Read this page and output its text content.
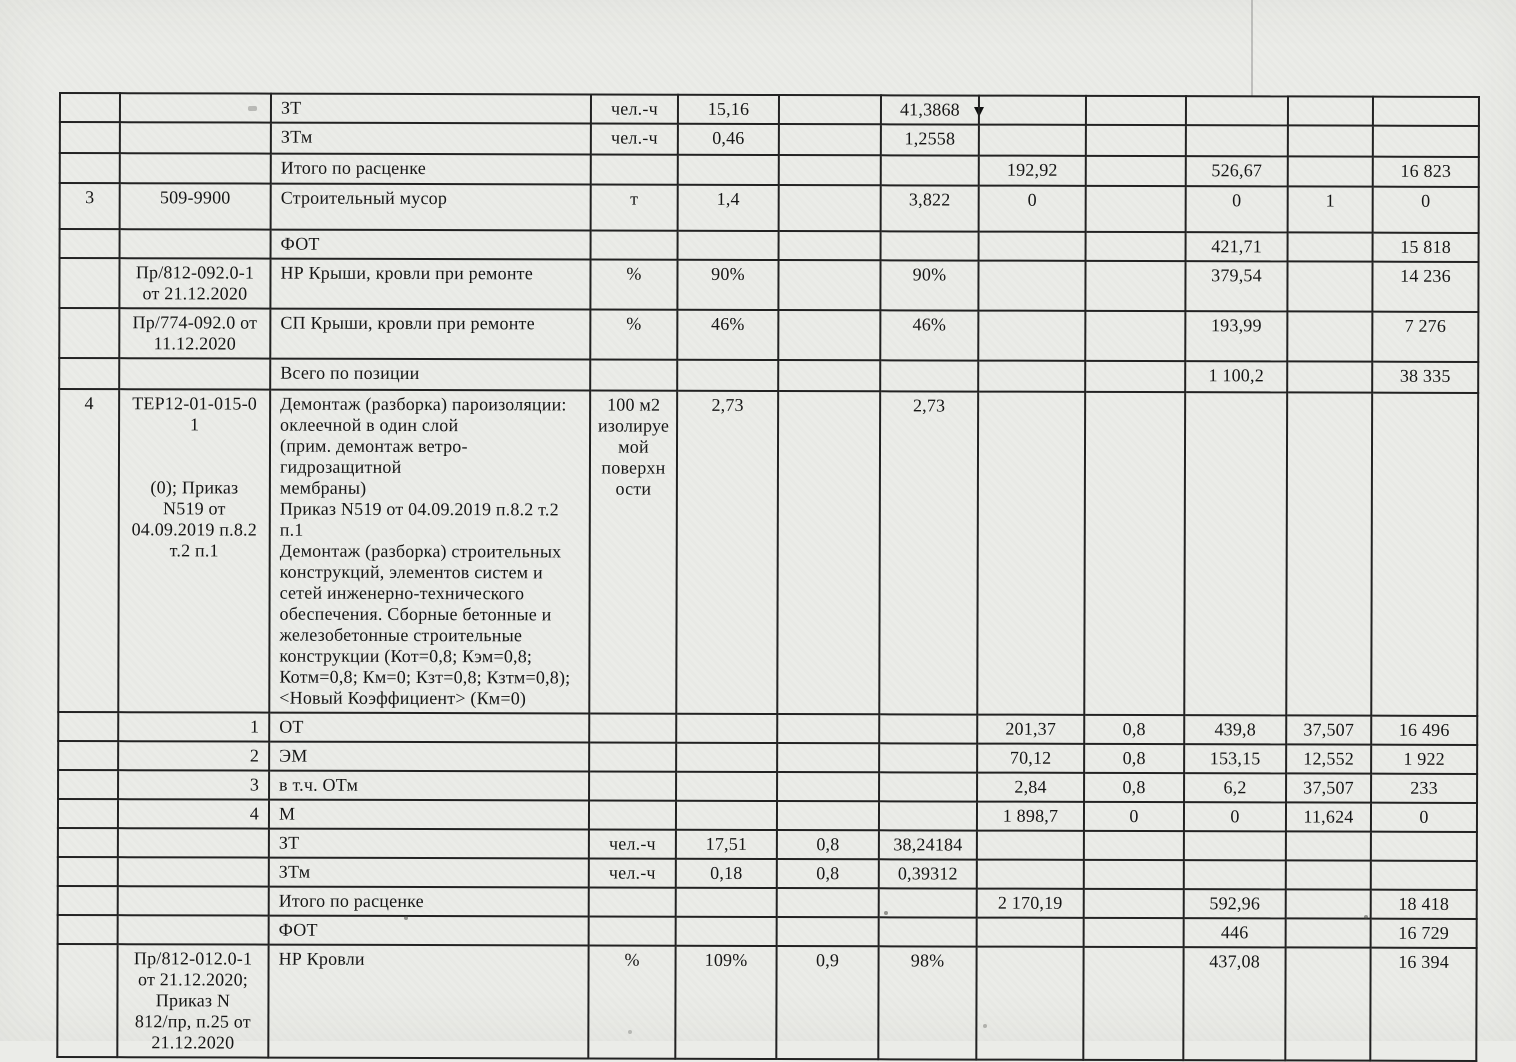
		ЗТ	чел.-ч	15,16		41,3868					
		ЗТм	чел.-ч	0,46		1,2558					
		Итого по расценке					192,92		526,67		16 823
3	509-9900	Строительный мусор	т	1,4		3,822	0		0	1	0
		ФОТ							421,71		15 818
	Пр/812-092.0-1
от 21.12.2020	НР Крыши, кровли при ремонте	%	90%		90%			379,54		14 236
	Пр/774-092.0 от
11.12.2020	СП Крыши, кровли при ремонте	%	46%		46%			193,99		7 276
		Всего по позиции							1 100,2		38 335
4	ТЕР12-01-015-0
1

(0); Приказ
N519 от
04.09.2019 п.8.2
т.2 п.1	Демонтаж (разборка) пароизоляции:
оклеечной в один слой
(прим. демонтаж ветро-гидрозащитной
мембраны)
Приказ N519 от 04.09.2019 п.8.2 т.2 п.1
Демонтаж (разборка) строительных
конструкций, элементов систем и
сетей инженерно-технического
обеспечения. Сборные бетонные и
железобетонные строительные
конструкции (Кот=0,8; Кэм=0,8;
Котм=0,8; Км=0; Кзт=0,8; Кзтм=0,8);
<Новый Коэффициент> (Км=0)	100 м2
изолируе
мой
поверхн
ости	2,73		2,73					
	1	ОТ					201,37	0,8	439,8	37,507	16 496
	2	ЭМ					70,12	0,8	153,15	12,552	1 922
	3	в т.ч. ОТм					2,84	0,8	6,2	37,507	233
	4	М					1 898,7	0	0	11,624	0
		ЗТ	чел.-ч	17,51	0,8	38,24184					
		ЗТм	чел.-ч	0,18	0,8	0,39312					
		Итого по расценке					2 170,19		592,96		18 418
		ФОТ							446		16 729
	Пр/812-012.0-1
от 21.12.2020;
Приказ N
812/пр, п.25 от
21.12.2020	НР Кровли	%	109%	0,9	98%			437,08		16 394
